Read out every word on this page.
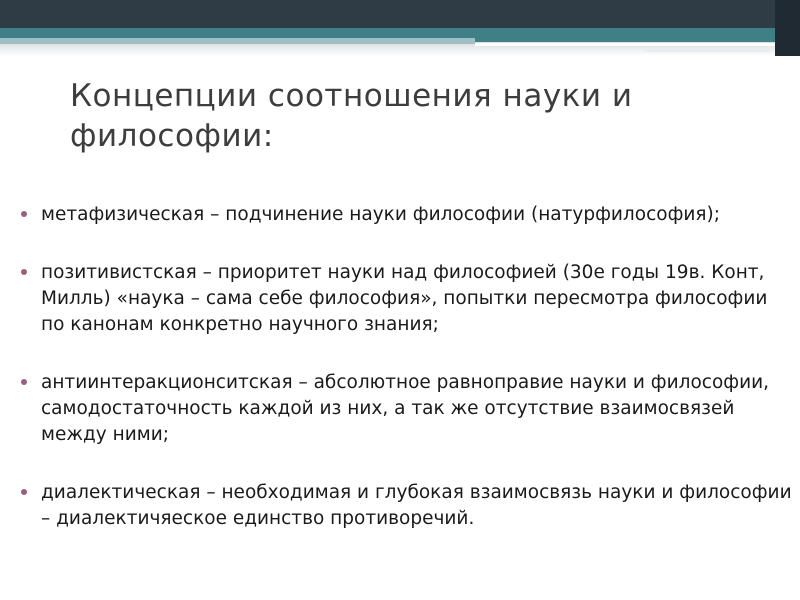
Концепции соотношения науки и философии:
метафизическая – подчинение науки философии (натурфилософия);
позитивистская – приоритет науки над философией (30е годы 19в. Конт, Милль) «наука – сама себе философия», попытки пересмотра философии по канонам конкретно научного знания;
антиинтеракционситская – абсолютное равноправие науки и философии, самодостаточность каждой из них, а так же отсутствие взаимосвязей между ними;
диалектическая – необходимая и глубокая взаимосвязь науки и философии – диалектичяеское единство противоречий.
